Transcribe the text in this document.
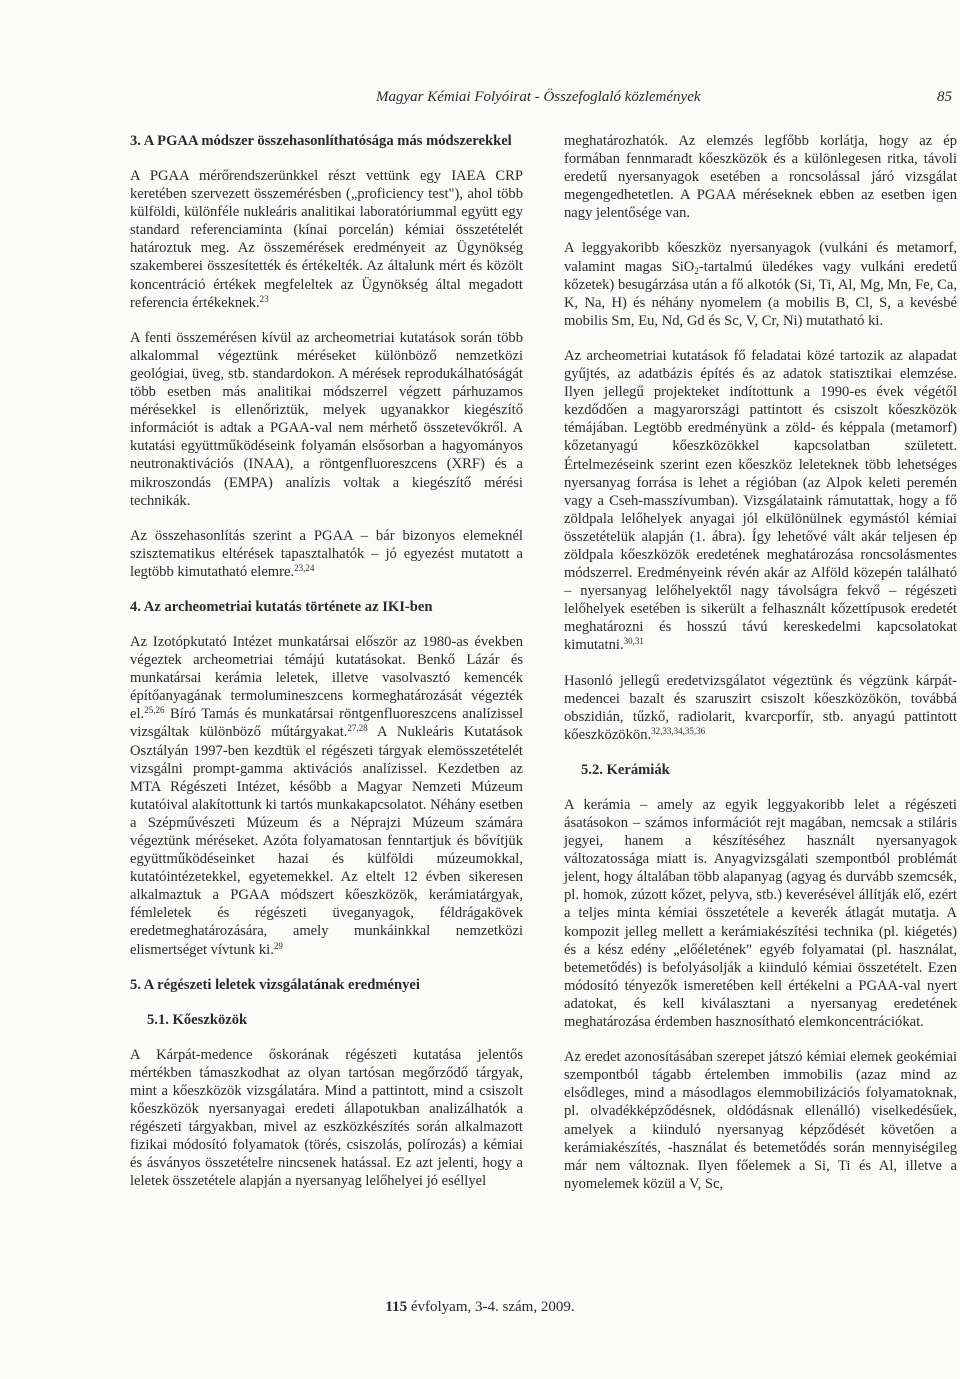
Magyar Kémiai Folyóirat - Összefoglaló közlemények	85
3. A PGAA módszer összehasonlíthatósága más módszerekkel

A PGAA mérőrendszerünkkel részt vettünk egy IAEA CRP keretében szervezett összemérésben („proficiency test"), ahol több külföldi, különféle nukleáris analitikai laboratóriummal együtt egy standard referenciaminta (kínai porcelán) kémiai összetételét határoztuk meg. Az összemérések eredményeit az Ügynökség szakemberei összesítették és értékelték. Az általunk mért és közölt koncentráció értékek megfeleltek az Ügynökség által megadott referencia értékeknek.$^{23}$

A fenti összemérésen kívül az archeometriai kutatások során több alkalommal végeztünk méréseket különböző nemzetközi geológiai, üveg, stb. standardokon. A mérések reprodukálhatóságát több esetben más analitikai módszerrel végzett párhuzamos mérésekkel is ellenőriztük, melyek ugyanakkor kiegészítő információt is adtak a PGAA-val nem mérhető összetevőkről. A kutatási együttműködéseink folyamán elsősorban a hagyományos neutronaktivációs (INAA), a röntgenfluoreszcens (XRF) és a mikroszondás (EMPA) analízis voltak a kiegészítő mérési technikák.

Az összehasonlítás szerint a PGAA – bár bizonyos elemeknél szisztematikus eltérések tapasztalhatók – jó egyezést mutatott a legtöbb kimutatható elemre.$^{23,24}$

4. Az archeometriai kutatás története az IKI-ben

Az Izotópkutató Intézet munkatársai először az 1980-as években végeztek archeometriai témájú kutatásokat. Benkő Lázár és munkatársai kerámia leletek, illetve vasolvasztó kemencék építőanyagának termolumineszcens kormeghatározását végezték el.$^{25,26}$ Bíró Tamás és munkatársai röntgenfluoreszcens analízissel vizsgáltak különböző műtárgyakat.$^{27,28}$ A Nukleáris Kutatások Osztályán 1997-ben kezdtük el régészeti tárgyak elemösszetételét vizsgálni prompt-gamma aktivációs analízissel. Kezdetben az MTA Régészeti Intézet, később a Magyar Nemzeti Múzeum kutatóival alakítottunk ki tartós munkakapcsolatot. Néhány esetben a Szépművészeti Múzeum és a Néprajzi Múzeum számára végeztünk méréseket. Azóta folyamatosan fenntartjuk és bővítjük együttműködéseinket hazai és külföldi múzeumokkal, kutatóintézetekkel, egyetemekkel. Az eltelt 12 évben sikeresen alkalmaztuk a PGAA módszert kőeszközök, kerámiatárgyak, fémleletek és régészeti üveganyagok, féldrágakövek eredetmeghatározására, amely munkáinkkal nemzetközi elismertséget vívtunk ki.$^{29}$

5. A régészeti leletek vizsgálatának eredményei
5.1. Kőeszközök

A Kárpát-medence őskorának régészeti kutatása jelentős mértékben támaszkodhat az olyan tartósan megőrződő tárgyak, mint a kőeszközök vizsgálatára. Mind a pattintott, mind a csiszolt kőeszközök nyersanyagai eredeti állapotukban analizálhatók a régészeti tárgyakban, mivel az eszközkészítés során alkalmazott fizikai módosító folyamatok (törés, csiszolás, polírozás) a kémiai és ásványos összetételre nincsenek hatással. Ez azt jelenti, hogy a leletek összetétele alapján a nyersanyag lelőhelyei jó eséllyel

meghatározhatók. Az elemzés legfőbb korlátja, hogy az ép formában fennmaradt kőeszközök és a különlegesen ritka, távoli eredetű nyersanyagok esetében a roncsolással járó vizsgálat megengedhetetlen. A PGAA méréseknek ebben az esetben igen nagy jelentősége van.

A leggyakoribb kőeszköz nyersanyagok (vulkáni és metamorf, valamint magas SiO$_2$-tartalmú üledékes vagy vulkáni eredetű kőzetek) besugárzása után a fő alkotók (Si, Ti, Al, Mg, Mn, Fe, Ca, K, Na, H) és néhány nyomelem (a mobilis B, Cl, S, a kevésbé mobilis Sm, Eu, Nd, Gd és Sc, V, Cr, Ni) mutatható ki.

Az archeometriai kutatások fő feladatai közé tartozik az alapadat gyűjtés, az adatbázis építés és az adatok statisztikai elemzése. Ilyen jellegű projekteket indítottunk a 1990-es évek végétől kezdődően a magyarországi pattintott és csiszolt kőeszközök témájában. Legtöbb eredményünk a zöld- és képpala (metamorf) kőzetanyagú kőeszközökkel kapcsolatban született. Értelmezéseink szerint ezen kőeszköz leleteknek több lehetséges nyersanyag forrása is lehet a régióban (az Alpok keleti peremén vagy a Cseh-masszívumban). Vizsgálataink rámutattak, hogy a fő zöldpala lelőhelyek anyagai jól elkülönülnek egymástól kémiai összetételük alapján (1. ábra). Így lehetővé vált akár teljesen ép zöldpala kőeszközök eredetének meghatározása roncsolásmentes módszerrel. Eredményeink révén akár az Alföld közepén található – nyersanyag lelőhelyektől nagy távolságra fekvő – régészeti lelőhelyek esetében is sikerült a felhasznált kőzettípusok eredetét meghatározni és hosszú távú kereskedelmi kapcsolatokat kimutatni.$^{30,31}$

Hasonló jellegű eredetvizsgálatot végeztünk és végzünk kárpát-medencei bazalt és szaruszirt csiszolt kőeszközökön, továbbá obszidián, tűzkő, radiolarit, kvarcporfír, stb. anyagú pattintott kőeszközökön.$^{32,33,34,35,36}$

5.2. Kerámiák

A kerámia – amely az egyik leggyakoribb lelet a régészeti ásatásokon – számos információt rejt magában, nemcsak a stiláris jegyei, hanem a készítéséhez használt nyersanyagok változatossága miatt is. Anyagvizsgálati szempontból problémát jelent, hogy általában több alapanyag (agyag és durvább szemcsék, pl. homok, zúzott kőzet, pelyva, stb.) keverésével állítják elő, ezért a teljes minta kémiai összetétele a keverék átlagát mutatja. A kompozit jelleg mellett a kerámiakészítési technika (pl. kiégetés) és a kész edény „előéletének" egyéb folyamatai (pl. használat, betemetődés) is befolyásolják a kiinduló kémiai összetételt. Ezen módosító tényezők ismeretében kell értékelni a PGAA-val nyert adatokat, és kell kiválasztani a nyersanyag eredetének meghatározása érdemben hasznosítható elemkoncentrációkat.

Az eredet azonosításában szerepet játszó kémiai elemek geokémiai szempontból tágabb értelemben immobilis (azaz mind az elsődleges, mind a másodlagos elemmobilizációs folyamatoknak, pl. olvadékképződésnek, oldódásnak ellenálló) viselkedésűek, amelyek a kiinduló nyersanyag képződését követően a kerámiakészítés, -használat és betemetődés során mennyiségileg már nem változnak. Ilyen főelemek a Si, Ti és Al, illetve a nyomelemek közül a V, Sc,

115 évfolyam, 3-4. szám, 2009.
